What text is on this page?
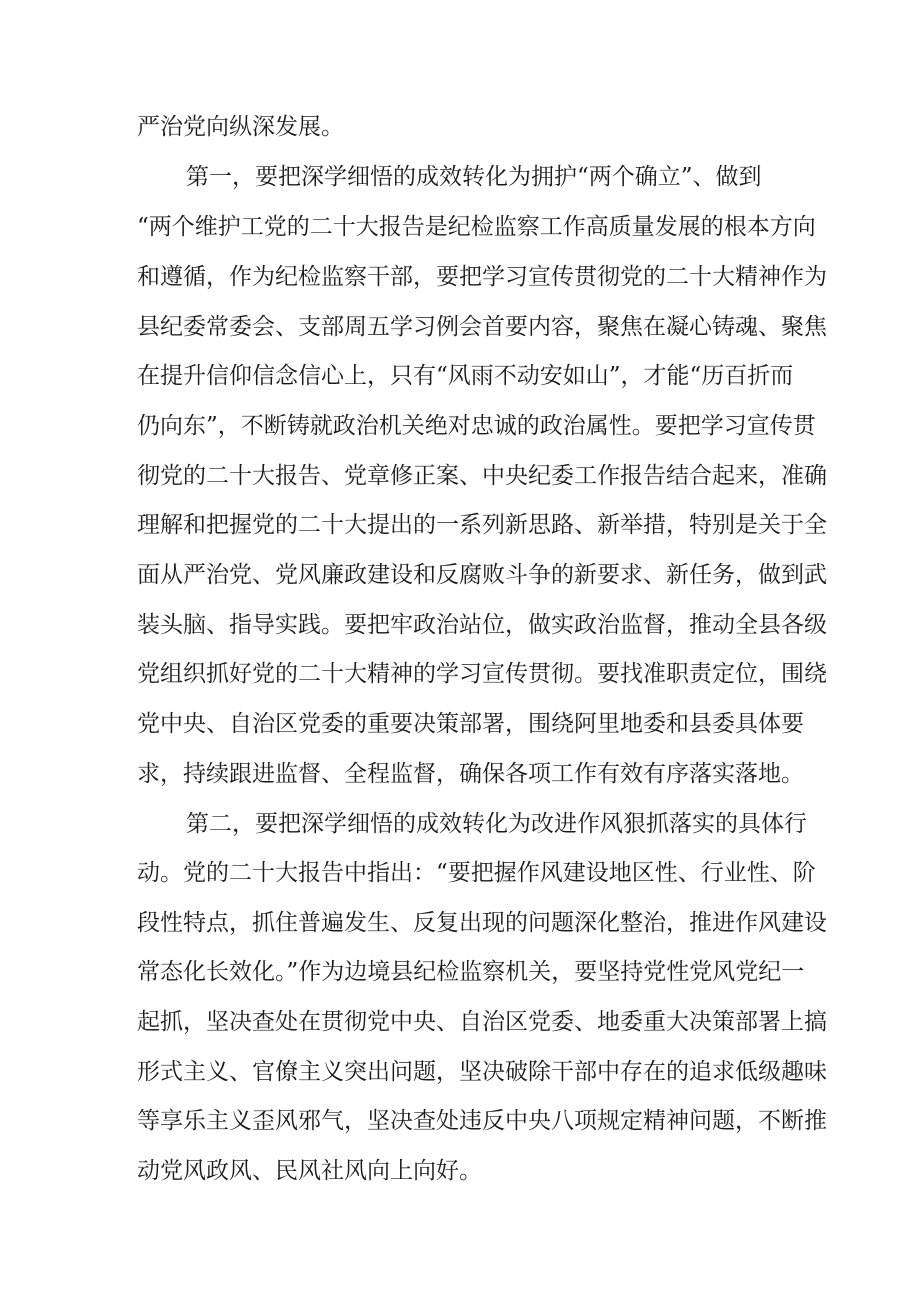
严治党向纵深发展。

第一，要把深学细悟的成效转化为拥护“两个确立”、做到

“两个维护工党的二十大报告是纪检监察工作高质量发展的根本方向

和遵循，作为纪检监察干部，要把学习宣传贯彻党的二十大精神作为

县纪委常委会、支部周五学习例会首要内容，聚焦在凝心铸魂、聚焦

在提升信仰信念信心上，只有“风雨不动安如山”，才能“历百折而

仍向东”，不断铸就政治机关绝对忠诚的政治属性。要把学习宣传贯

彻党的二十大报告、党章修正案、中央纪委工作报告结合起来，准确

理解和把握党的二十大提出的一系列新思路、新举措，特别是关于全

面从严治党、党风廉政建设和反腐败斗争的新要求、新任务，做到武

装头脑、指导实践。要把牢政治站位，做实政治监督，推动全县各级

党组织抓好党的二十大精神的学习宣传贯彻。要找准职责定位，围绕

党中央、自治区党委的重要决策部署，围绕阿里地委和县委具体要

求，持续跟进监督、全程监督，确保各项工作有效有序落实落地。

第二，要把深学细悟的成效转化为改进作风狠抓落实的具体行

动。党的二十大报告中指出：“要把握作风建设地区性、行业性、阶

段性特点，抓住普遍发生、反复出现的问题深化整治，推进作风建设

常态化长效化。”作为边境县纪检监察机关，要坚持党性党风党纪一

起抓，坚决查处在贯彻党中央、自治区党委、地委重大决策部署上搞

形式主义、官僚主义突出问题，坚决破除干部中存在的追求低级趣味

等享乐主义歪风邪气，坚决查处违反中央八项规定精神问题，不断推

动党风政风、民风社风向上向好。
